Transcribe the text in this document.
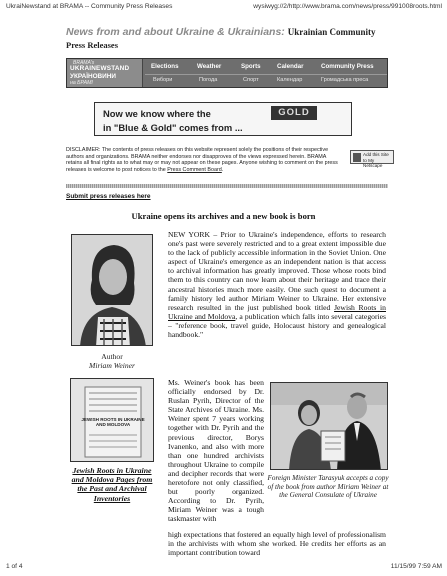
UkraiNewstand at BRAMA -- Community Press Releases	wysiwyg://2/http://www.brama.com/news/press/991008roots.html
News from and about Ukraine & Ukrainians: Ukrainian Community
Press Releases
BRAMA's
UKRAINEWSTAND
УКРАЇНОВИНИ
на БРАМІ
Elections	Weather	Sports	Calendar	Community Press
Вибори	Погода	Спорт	Календар	Громадська преса
Now we know where the	GOLD
in "Blue & Gold" comes from ...
DISCLAIMER: The contents of press releases on this website represent solely the positions of their respective authors and organizations. BRAMA neither endorses nor disapproves of the views expressed herein. BRAMA retains all final rights as to what may or may not appear on these pages. Anyone wishing to comment on the press releases is welcome to post notices to the Press Comment Board.
Add this Site to My Netscape
Submit press releases here
Ukraine opens its archives and a new book is born
Author
Miriam Weiner
NEW YORK – Prior to Ukraine's independence, efforts to research one's past were severely restricted and to a great extent impossible due to the lack of publicly accessible information in the Soviet Union. One aspect of Ukraine's emergence as an independent nation is that access to archival information has greatly improved. Those whose roots bind them to this country can now learn about their heritage and trace their ancestral histories much more easily. One such quest to document a family history led author Miriam Weiner to Ukraine. Her extensive research resulted in the just published book titled Jewish Roots in Ukraine and Moldova, a publication which falls into several categories – "reference book, travel guide, Holocaust history and genealogical handbook."
JEWISH ROOTS IN UKRAINE AND MOLDOVA
Jewish Roots in Ukraine and Moldova Pages from the Past and Archival Inventories
Ms. Weiner's book has been officially endorsed by Dr. Ruslan Pyrih, Director of the State Archives of Ukraine. Ms. Weiner spent 7 years working together with Dr. Pyrih and the previous director, Borys Ivanenko, and also with more than one hundred archivists throughout Ukraine to compile and decipher records that were heretofore not only classified, but poorly organized. According to Dr. Pyrih, Miriam Weiner was a tough taskmaster with
Foreign Minister Tarasyuk accepts a copy of the book from author Miriam Weiner at the General Consulate of Ukraine
high expectations that fostered an equally high level of professionalism in the archivists with whom she worked. He credits her efforts as an important contribution toward
1 of 4	11/15/99 7:59 AM
